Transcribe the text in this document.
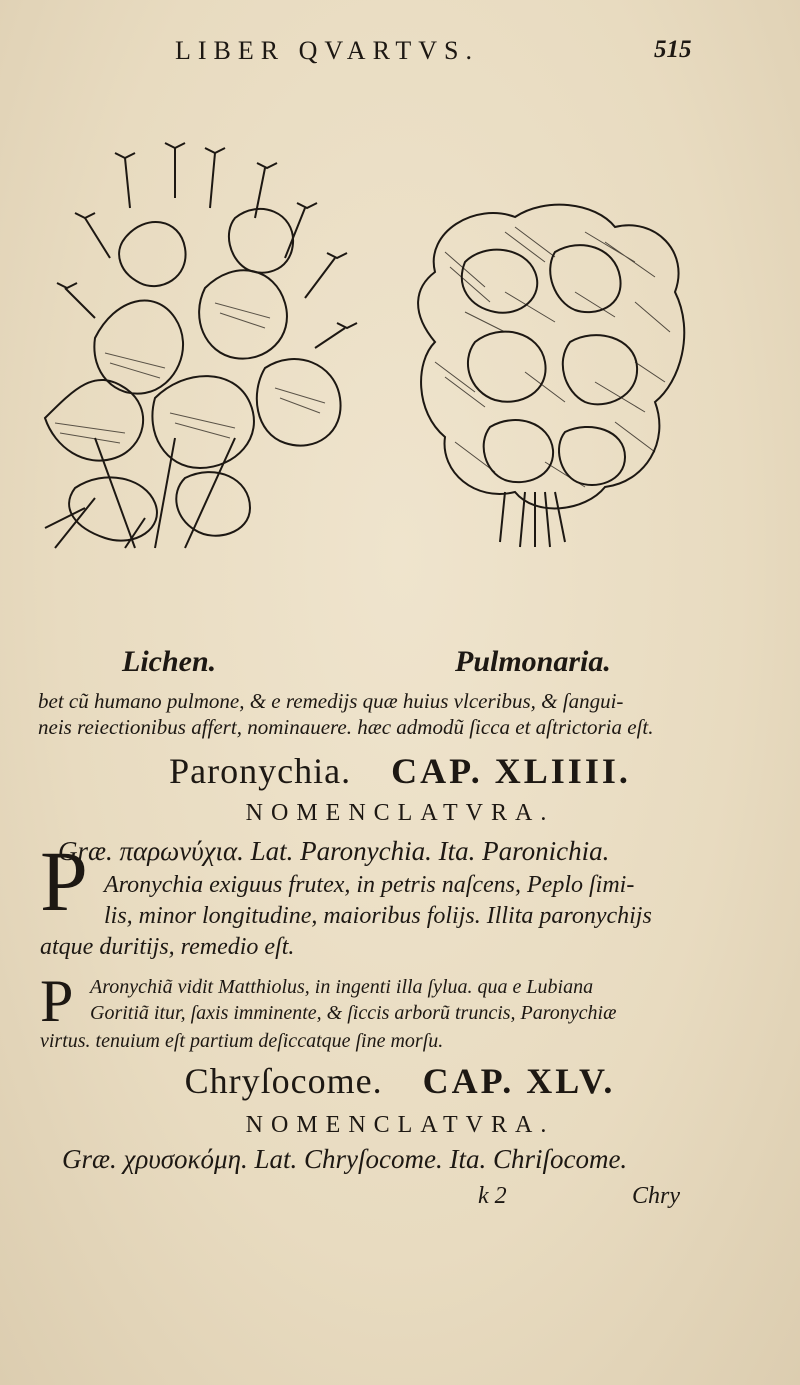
LIBER QVARTVS.	515
Lichen.	Pulmonaria.
bet cũ humano pulmone, & e remedijs quæ huius vlceribus, & ſangui-
neis reiectionibus affert, nominauere. hæc admodũ ſicca et aſtrictoria eſt.
Paronychia. CAP. XLIIII.
NOMENCLATVRA.
Græ. παρωνύχια. Lat. Paronychia. Ita. Paronichia.
P Aronychia exiguus frutex, in petris naſcens, Peplo ſimi-
lis, minor longitudine, maioribus folijs. Illita paronychijs
atque duritijs, remedio eſt.
P Aronychiã vidit Matthiolus, in ingenti illa ſylua. qua e Lubiana
Goritiã itur, ſaxis imminente, & ſiccis arborũ truncis, Paronychiæ
virtus. tenuium eſt partium deſiccatque ſine morſu.
Chryſocome. CAP. XLV.
NOMENCLATVRA.
Græ. χρυσοκόμη. Lat. Chryſocome. Ita. Chriſocome.
k 2	Chry
